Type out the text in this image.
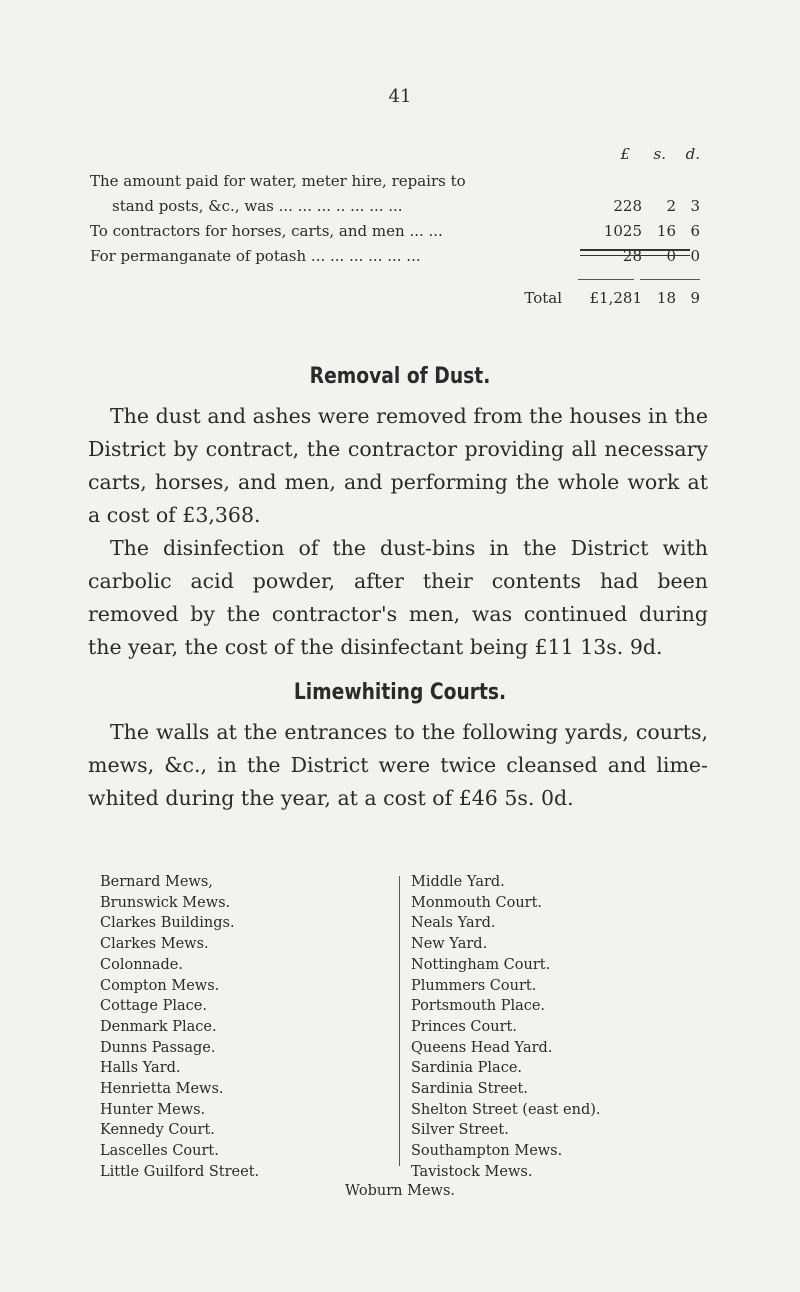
41
£ s. d.
The amount paid for water, meter hire, repairs to
stand posts, &c., was ... ... ... .. ... ... ...	228	2 3
To contractors for horses, carts, and men ... ...	1025 16 6
For permanganate of potash ... ... ... ... ... ...	28	0 0
Total £1,281 18 9
Removal of Dust.

The dust and ashes were removed from the houses in the District by contract, the contractor providing all necessary carts, horses, and men, and performing the whole work at a cost of £3,368.

The disinfection of the dust-bins in the District with carbolic acid powder, after their contents had been removed by the contractor's men, was continued during the year, the cost of the disinfectant being £11 13s. 9d.

Limewhiting Courts.

The walls at the entrances to the following yards, courts, mews, &c., in the District were twice cleansed and lime-whited during the year, at a cost of £46 5s. 0d.

Bernard Mews,
Brunswick Mews.
Clarkes Buildings.
Clarkes Mews.
Colonnade.
Compton Mews.
Cottage Place.
Denmark Place.
Dunns Passage.
Halls Yard.
Henrietta Mews.
Hunter Mews.
Kennedy Court.
Lascelles Court.
Little Guilford Street.
Middle Yard.
Monmouth Court.
Neals Yard.
New Yard.
Nottingham Court.
Plummers Court.
Portsmouth Place.
Princes Court.
Queens Head Yard.
Sardinia Place.
Sardinia Street.
Shelton Street (east end).
Silver Street.
Southampton Mews.
Tavistock Mews.
Woburn Mews.
